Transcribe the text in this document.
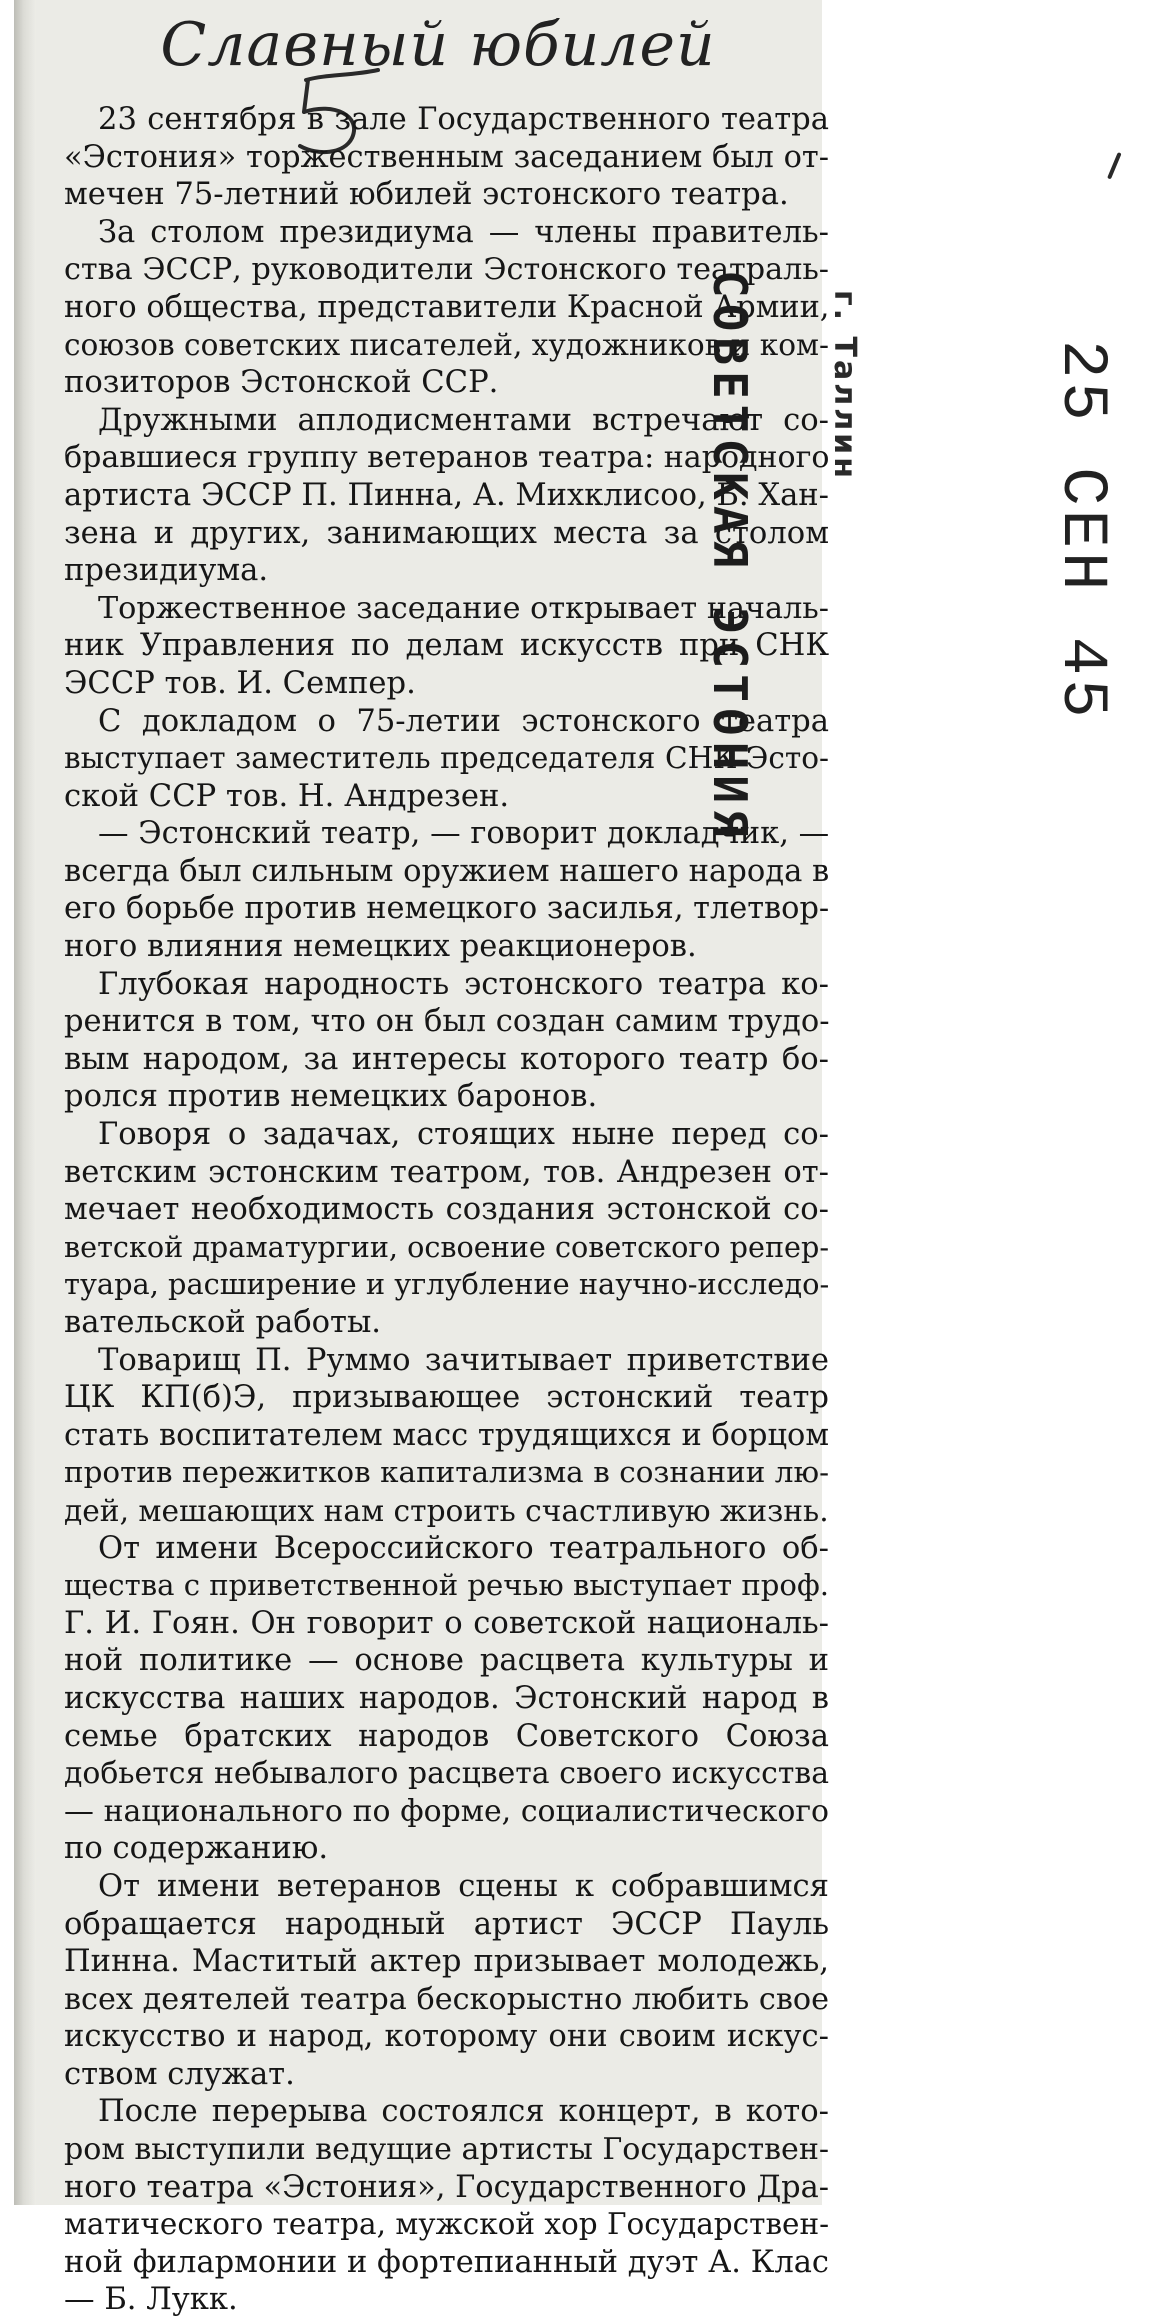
Славный юбилей
23 сентября в зале Государственного театра
«Эстония» торжественным заседанием был от-
мечен 75-летний юбилей эстонского театра.
За столом президиума — члены правитель-
ства ЭССР, руководители Эстонского театраль-
ного общества, представители Красной Армии,
союзов советских писателей, художников и ком-
позиторов Эстонской ССР.
Дружными аплодисментами встречают со-
бравшиеся группу ветеранов театра: народного
артиста ЭССР П. Пинна, А. Михклисоо, Б. Хан-
зена и других, занимающих места за столом
президиума.
Торжественное заседание открывает началь-
ник Управления по делам искусств при СНК
ЭССР тов. И. Семпер.
С докладом о 75-летии эстонского театра
выступает заместитель председателя СНК Эсто-
ской ССР тов. Н. Андрезен.
— Эстонский театр, — говорит докладчик, —
всегда был сильным оружием нашего народа в
его борьбе против немецкого засилья, тлетвор-
ного влияния немецких реакционеров.
Глубокая народность эстонского театра ко-
ренится в том, что он был создан самим трудо-
вым народом, за интересы которого театр бо-
ролся против немецких баронов.
Говоря о задачах, стоящих ныне перед со-
ветским эстонским театром, тов. Андрезен от-
мечает необходимость создания эстонской со-
ветской драматургии, освоение советского репер-
туара, расширение и углубление научно-исследо-
вательской работы.
Товарищ П. Руммо зачитывает приветствие
ЦК КП(б)Э, призывающее эстонский театр
стать воспитателем масс трудящихся и борцом
против пережитков капитализма в сознании лю-
дей, мешающих нам строить счастливую жизнь.
От имени Всероссийского театрального об-
щества с приветственной речью выступает проф.
Г. И. Гоян. Он говорит о советской националь-
ной политике — основе расцвета культуры и
искусства наших народов. Эстонский народ в
семье братских народов Советского Союза
добьется небывалого расцвета своего искусства
— национального по форме, социалистического
по содержанию.
От имени ветеранов сцены к собравшимся
обращается народный артист ЭССР Пауль
Пинна. Маститый актер призывает молодежь,
всех деятелей театра бескорыстно любить свое
искусство и народ, которому они своим искус-
ством служат.
После перерыва состоялся концерт, в кото-
ром выступили ведущие артисты Государствен-
ного театра «Эстония», Государственного Дра-
матического театра, мужской хор Государствен-
ной филармонии и фортепианный дуэт А. Клас
— Б. Лукк.
СОВЕТСКАЯ ЭСТОНИЯ г. Таллин	25 СЕН 45
